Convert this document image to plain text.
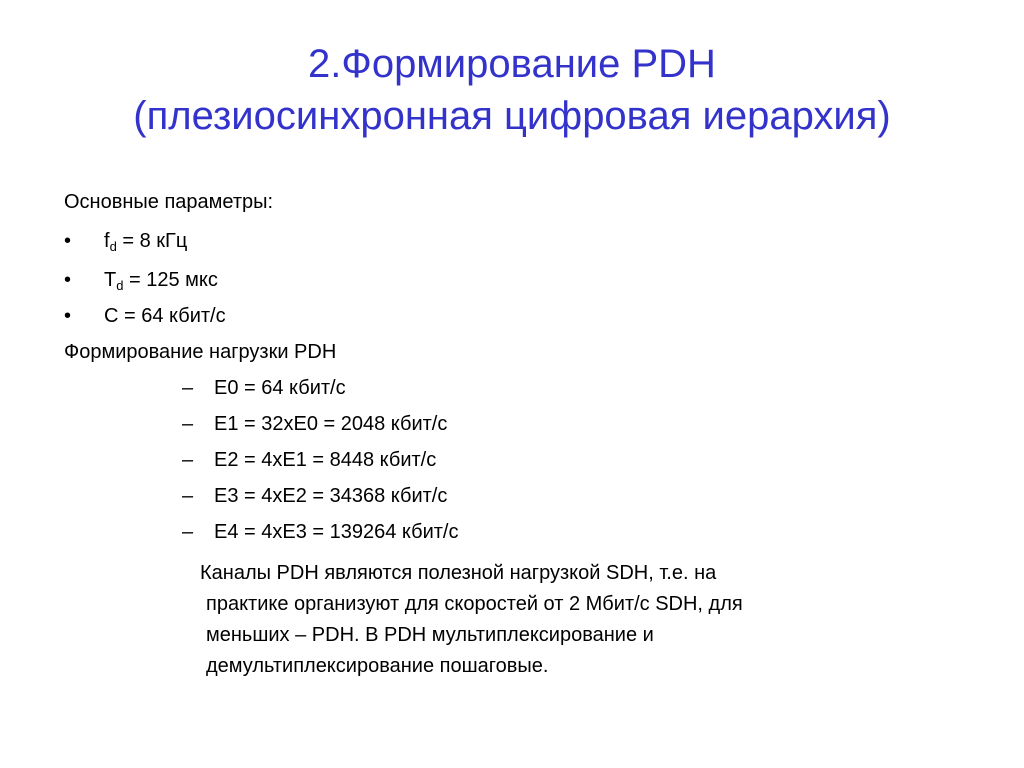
2.Формирование PDH
(плезиосинхронная цифровая иерархия)
Основные параметры:
• $f_d = 8$ кГц
• $T_d = 125$ мкс
• C = 64 кбит/с
Формирование нагрузки PDH
– E0 = 64 кбит/с
– E1 = 32хE0 = 2048 кбит/с
– E2 = 4хE1 = 8448 кбит/с
– E3 = 4хE2 = 34368 кбит/с
– E4 = 4хE3 = 139264 кбит/с
Каналы PDH являются полезной нагрузкой SDH, т.е. на
практике организуют для скоростей от 2 Мбит/с SDH, для
меньших – PDH. В PDH мультиплексирование и
демультиплексирование пошаговые.
